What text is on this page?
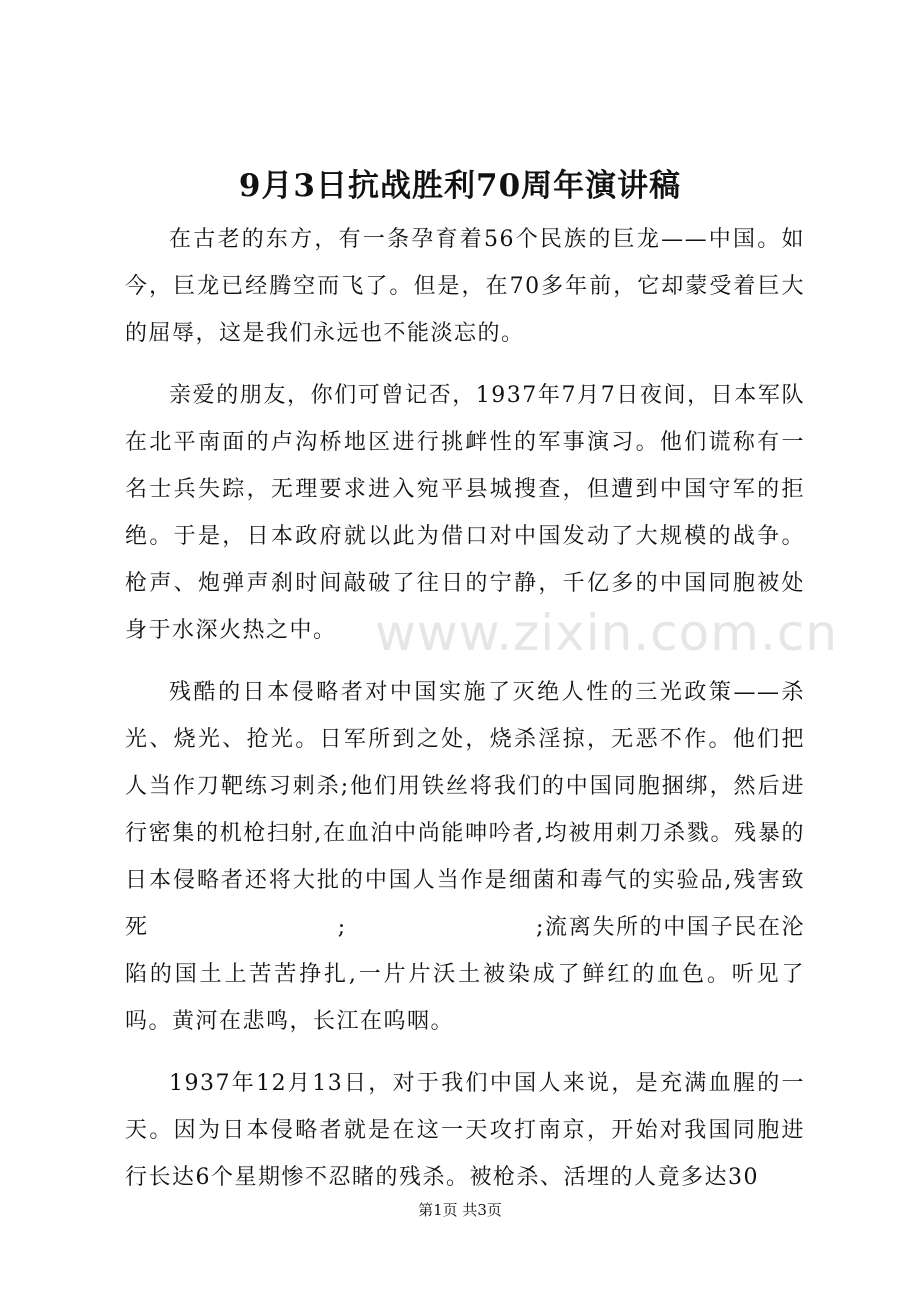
9月3日抗战胜利70周年演讲稿
www.zixin.com.cn

在古老的东方，有一条孕育着56个民族的巨龙——中国。如今，巨龙已经腾空而飞了。但是，在70多年前，它却蒙受着巨大的屈辱，这是我们永远也不能淡忘的。

亲爱的朋友，你们可曾记否，1937年7月7日夜间，日本军队在北平南面的卢沟桥地区进行挑衅性的军事演习。他们谎称有一名士兵失踪，无理要求进入宛平县城搜查，但遭到中国守军的拒绝。于是，日本政府就以此为借口对中国发动了大规模的战争。枪声、炮弹声刹时间敲破了往日的宁静，千亿多的中国同胞被处身于水深火热之中。

残酷的日本侵略者对中国实施了灭绝人性的三光政策——杀光、烧光、抢光。日军所到之处，烧杀淫掠，无恶不作。他们把人当作刀靶练习刺杀;他们用铁丝将我们的中国同胞捆绑，然后进行密集的机枪扫射,在血泊中尚能呻吟者,均被用刺刀杀戮。残暴的日本侵略者还将大批的中国人当作是细菌和毒气的实验品,残害致死　　　　　　　　;　　　　　　　　;流离失所的中国子民在沦陷的国土上苦苦挣扎,一片片沃土被染成了鲜红的血色。听见了吗。黄河在悲鸣，长江在呜咽。

1937年12月13日，对于我们中国人来说，是充满血腥的一天。因为日本侵略者就是在这一天攻打南京，开始对我国同胞进行长达6个星期惨不忍睹的残杀。被枪杀、活埋的人竟多达30

第1页 共3页
